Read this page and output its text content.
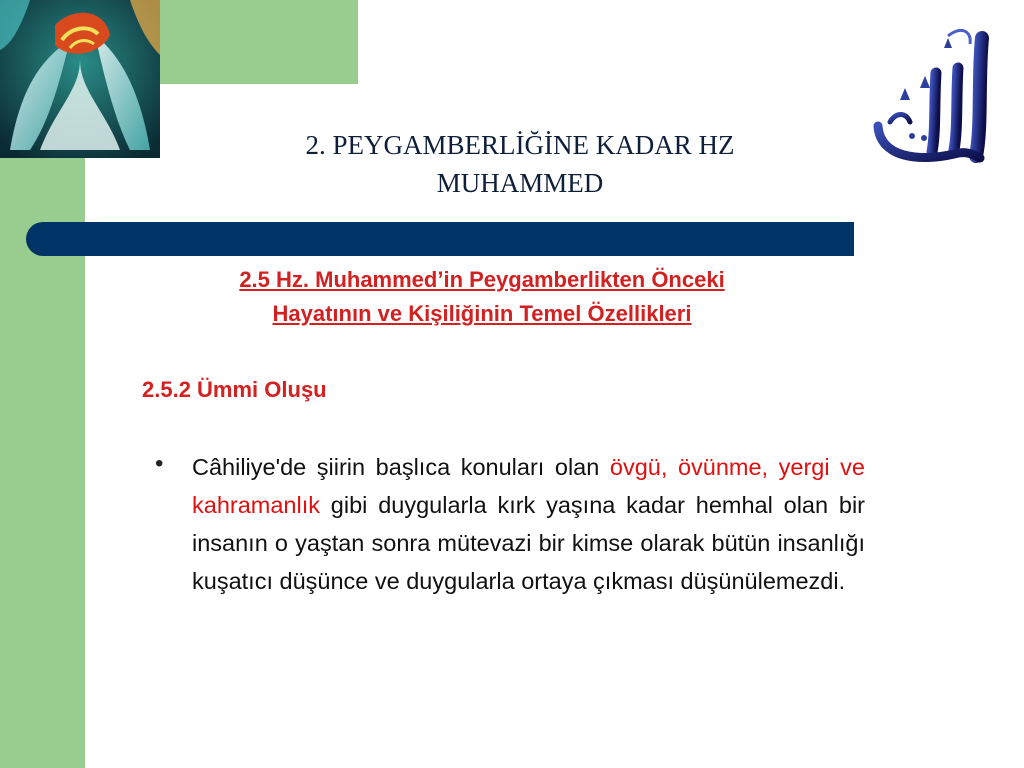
2. PEYGAMBERLİĞİNE KADAR HZ
MUHAMMED
2.5 Hz. Muhammed’in Peygamberlikten Önceki
Hayatının ve Kişiliğinin Temel Özellikleri
2.5.2 Ümmi Oluşu
• Câhiliye'de şiirin başlıca konuları olan övgü, övünme, yergi ve kahramanlık gibi duygularla kırk yaşına kadar hemhal olan bir insanın o yaştan sonra mütevazi bir kimse olarak bütün insanlığı kuşatıcı düşünce ve duygularla ortaya çıkması düşünülemezdi.
